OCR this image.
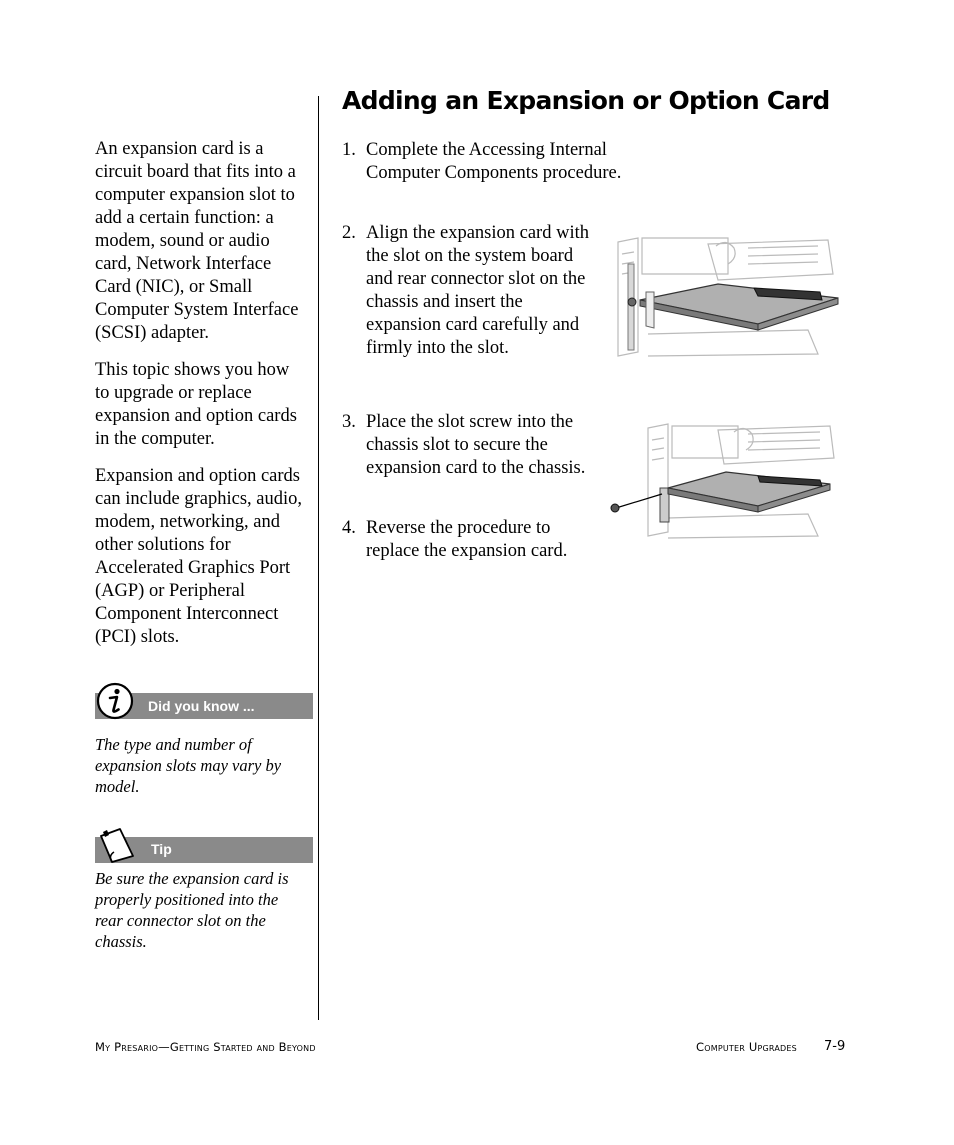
An expansion card is a circuit board that fits into a computer expansion slot to add a certain function: a modem, sound or audio card, Network Interface Card (NIC), or Small Computer System Interface (SCSI) adapter.

This topic shows you how to upgrade or replace expansion and option cards in the computer.

Expansion and option cards can include graphics, audio, modem, networking, and other solutions for Accelerated Graphics Port (AGP) or Peripheral Component Interconnect (PCI) slots.

Did you know ...

The type and number of expansion slots may vary by model.

Tip

Be sure the expansion card is properly positioned into the rear connector slot on the chassis.

Adding an Expansion or Option Card
1. Complete the Accessing Internal Computer Components procedure.
2. Align the expansion card with the slot on the system board and rear connector slot on the chassis and insert the expansion card carefully and firmly into the slot.
3. Place the slot screw into the chassis slot to secure the expansion card to the chassis.
4. Reverse the procedure to replace the expansion card.
My Presario—Getting Started and Beyond	Computer Upgrades 7-9
